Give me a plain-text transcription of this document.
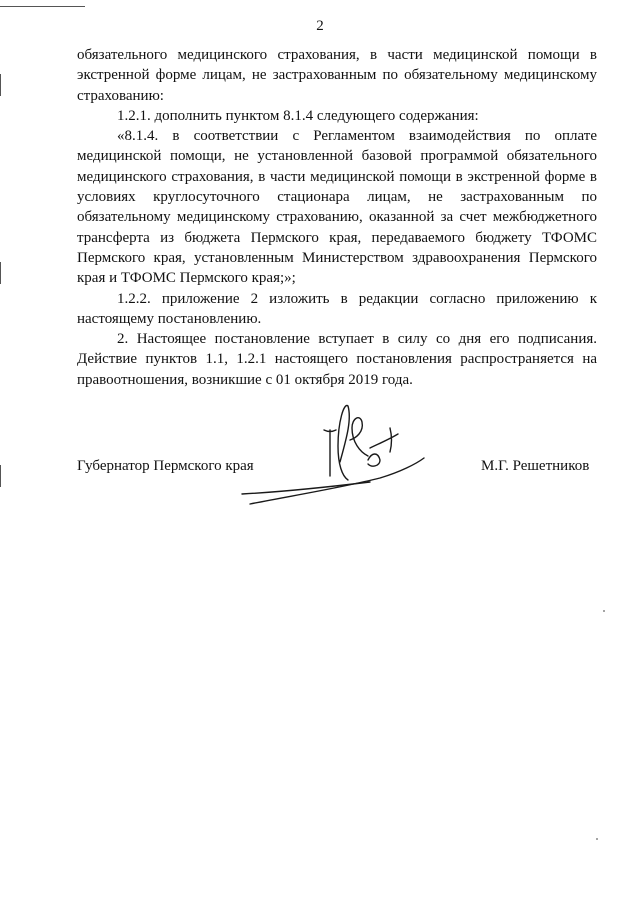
2

обязательного медицинского страхования, в части медицинской помощи в экстренной форме лицам, не застрахованным по обязательному медицинскому страхованию:

1.2.1. дополнить пунктом 8.1.4 следующего содержания:

«8.1.4. в соответствии с Регламентом взаимодействия по оплате медицинской помощи, не установленной базовой программой обязательного медицинского страхования, в части медицинской помощи в экстренной форме в условиях круглосуточного стационара лицам, не застрахованным по обязательному медицинскому страхованию, оказанной за счет межбюджетного трансферта из бюджета Пермского края, передаваемого бюджету ТФОМС Пермского края, установленным Министерством здравоохранения Пермского края и ТФОМС Пермского края;»;

1.2.2. приложение 2 изложить в редакции согласно приложению к настоящему постановлению.

2. Настоящее постановление вступает в силу со дня его подписания. Действие пунктов 1.1, 1.2.1 настоящего постановления распространяется на правоотношения, возникшие с 01 октября 2019 года.

Губернатор Пермского края	М.Г. Решетников
